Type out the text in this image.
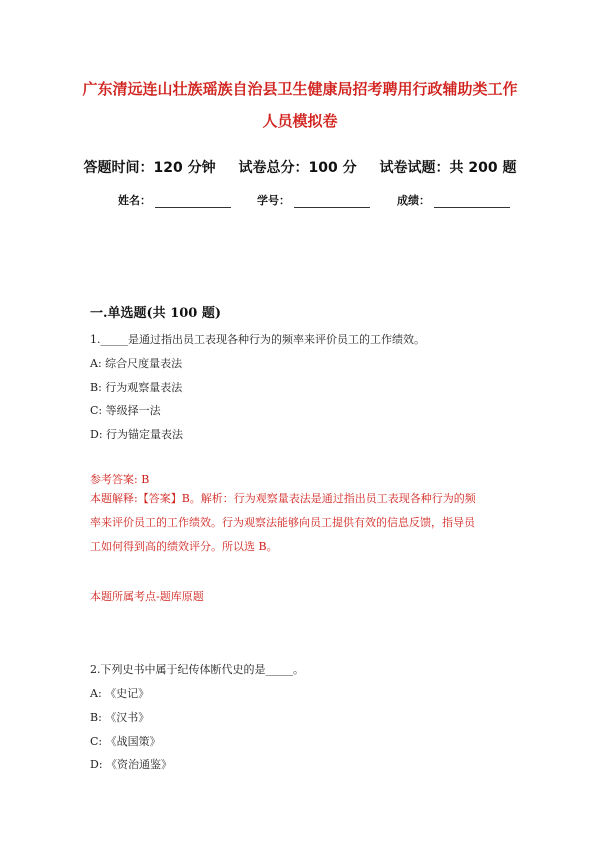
广东清远连山壮族瑶族自治县卫生健康局招考聘用行政辅助类工作
人员模拟卷
答题时间：120 分钟 试卷总分：100 分 试卷试题：共 200 题
姓名：	学号：	成绩：
一.单选题(共 100 题)
1._____是通过指出员工表现各种行为的频率来评价员工的工作绩效。
A: 综合尺度量表法
B: 行为观察量表法
C: 等级择一法
D: 行为锚定量表法
参考答案: B
本题解释:【答案】B。解析：行为观察量表法是通过指出员工表现各种行为的频
率来评价员工的工作绩效。行为观察法能够向员工提供有效的信息反馈，指导员
工如何得到高的绩效评分。所以选 B。
本题所属考点-题库原题
2.下列史书中属于纪传体断代史的是_____。
A: 《史记》
B: 《汉书》
C: 《战国策》
D: 《资治通鉴》
